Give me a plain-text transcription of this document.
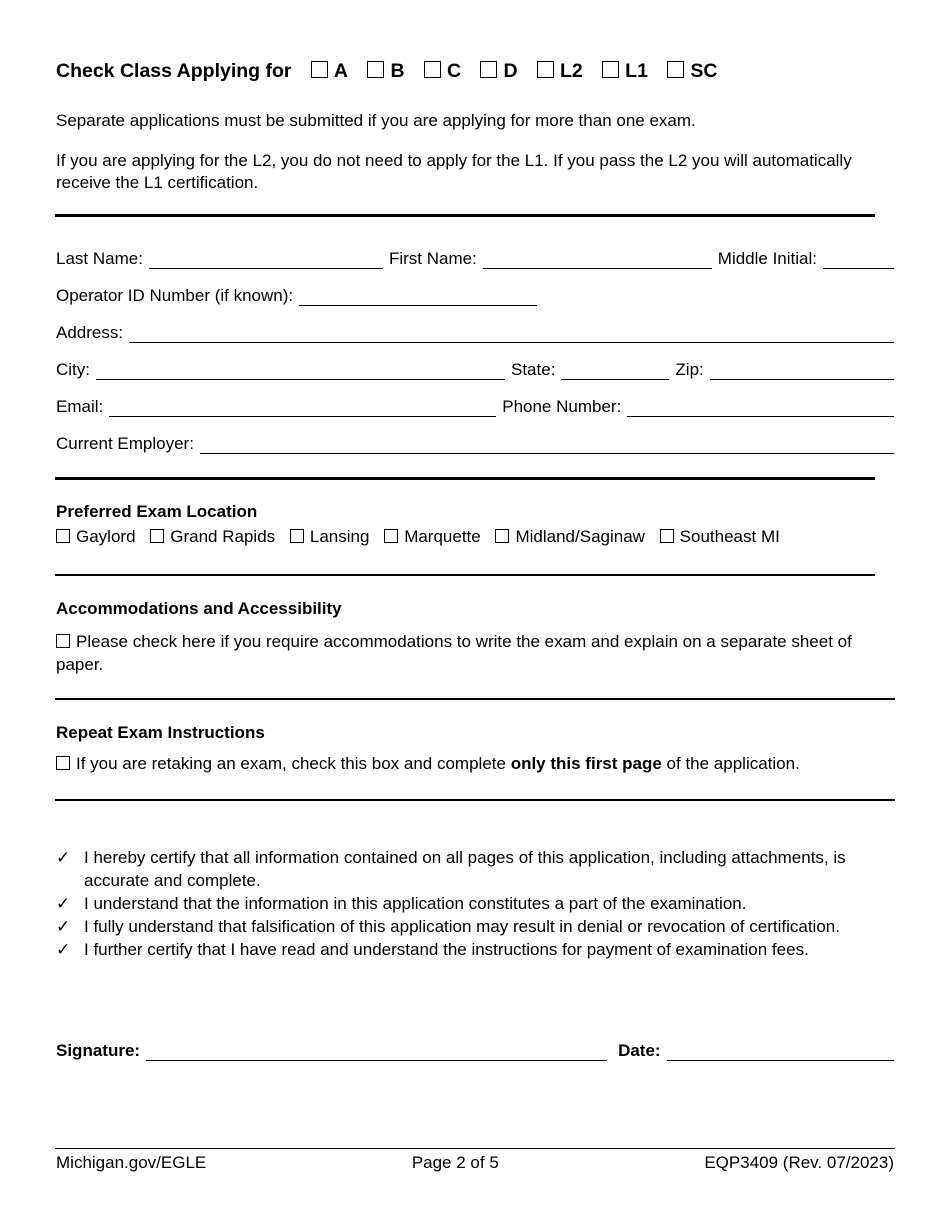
Check Class Applying for A B C D L2 L1 SC
Separate applications must be submitted if you are applying for more than one exam.
If you are applying for the L2, you do not need to apply for the L1. If you pass the L2 you will automatically receive the L1 certification.
Last Name:	First Name:	Middle Initial:
Operator ID Number (if known):
Address:
City:	State:	Zip:
Email:	Phone Number:
Current Employer:
Preferred Exam Location
Gaylord Grand Rapids Lansing Marquette Midland/Saginaw Southeast MI
Accommodations and Accessibility
Please check here if you require accommodations to write the exam and explain on a separate sheet of paper.
Repeat Exam Instructions
If you are retaking an exam, check this box and complete only this first page of the application.
✓ I hereby certify that all information contained on all pages of this application, including attachments, is accurate and complete.
✓ I understand that the information in this application constitutes a part of the examination.
✓ I fully understand that falsification of this application may result in denial or revocation of certification.
✓ I further certify that I have read and understand the instructions for payment of examination fees.
Signature:	Date:
Michigan.gov/EGLE	Page 2 of 5	EQP3409 (Rev. 07/2023)
